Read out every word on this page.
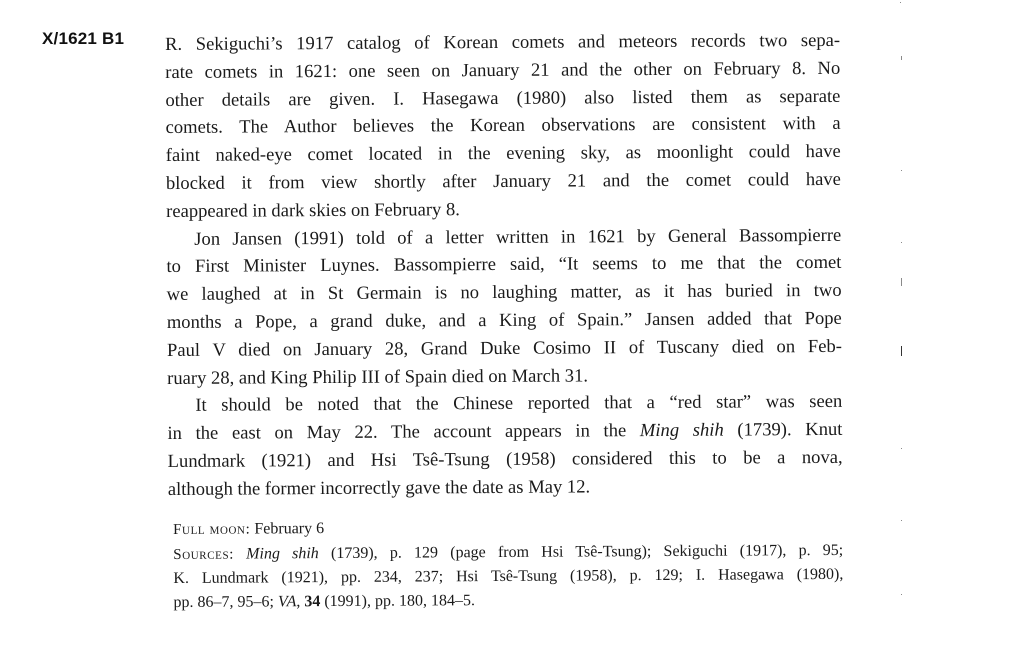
X/1621 B1 R. Sekiguchi’s 1917 catalog of Korean comets and meteors records two sepa-
rate comets in 1621: one seen on January 21 and the other on February 8. No
other details are given. I. Hasegawa (1980) also listed them as separate
comets. The Author believes the Korean observations are consistent with a
faint naked-eye comet located in the evening sky, as moonlight could have
blocked it from view shortly after January 21 and the comet could have
reappeared in dark skies on February 8.

Jon Jansen (1991) told of a letter written in 1621 by General Bassompierre
to First Minister Luynes. Bassompierre said, “It seems to me that the comet
we laughed at in St Germain is no laughing matter, as it has buried in two
months a Pope, a grand duke, and a King of Spain.” Jansen added that Pope
Paul V died on January 28, Grand Duke Cosimo II of Tuscany died on Feb-
ruary 28, and King Philip III of Spain died on March 31.

It should be noted that the Chinese reported that a “red star” was seen
in the east on May 22. The account appears in the Ming shih (1739). Knut
Lundmark (1921) and Hsi Tsê-Tsung (1958) considered this to be a nova,
although the former incorrectly gave the date as May 12.

Full moon: February 6
Sources: Ming shih (1739), p. 129 (page from Hsi Tsê-Tsung); Sekiguchi (1917), p. 95;
K. Lundmark (1921), pp. 234, 237; Hsi Tsê-Tsung (1958), p. 129; I. Hasegawa (1980),
pp. 86–7, 95–6; VA, 34 (1991), pp. 180, 184–5.
